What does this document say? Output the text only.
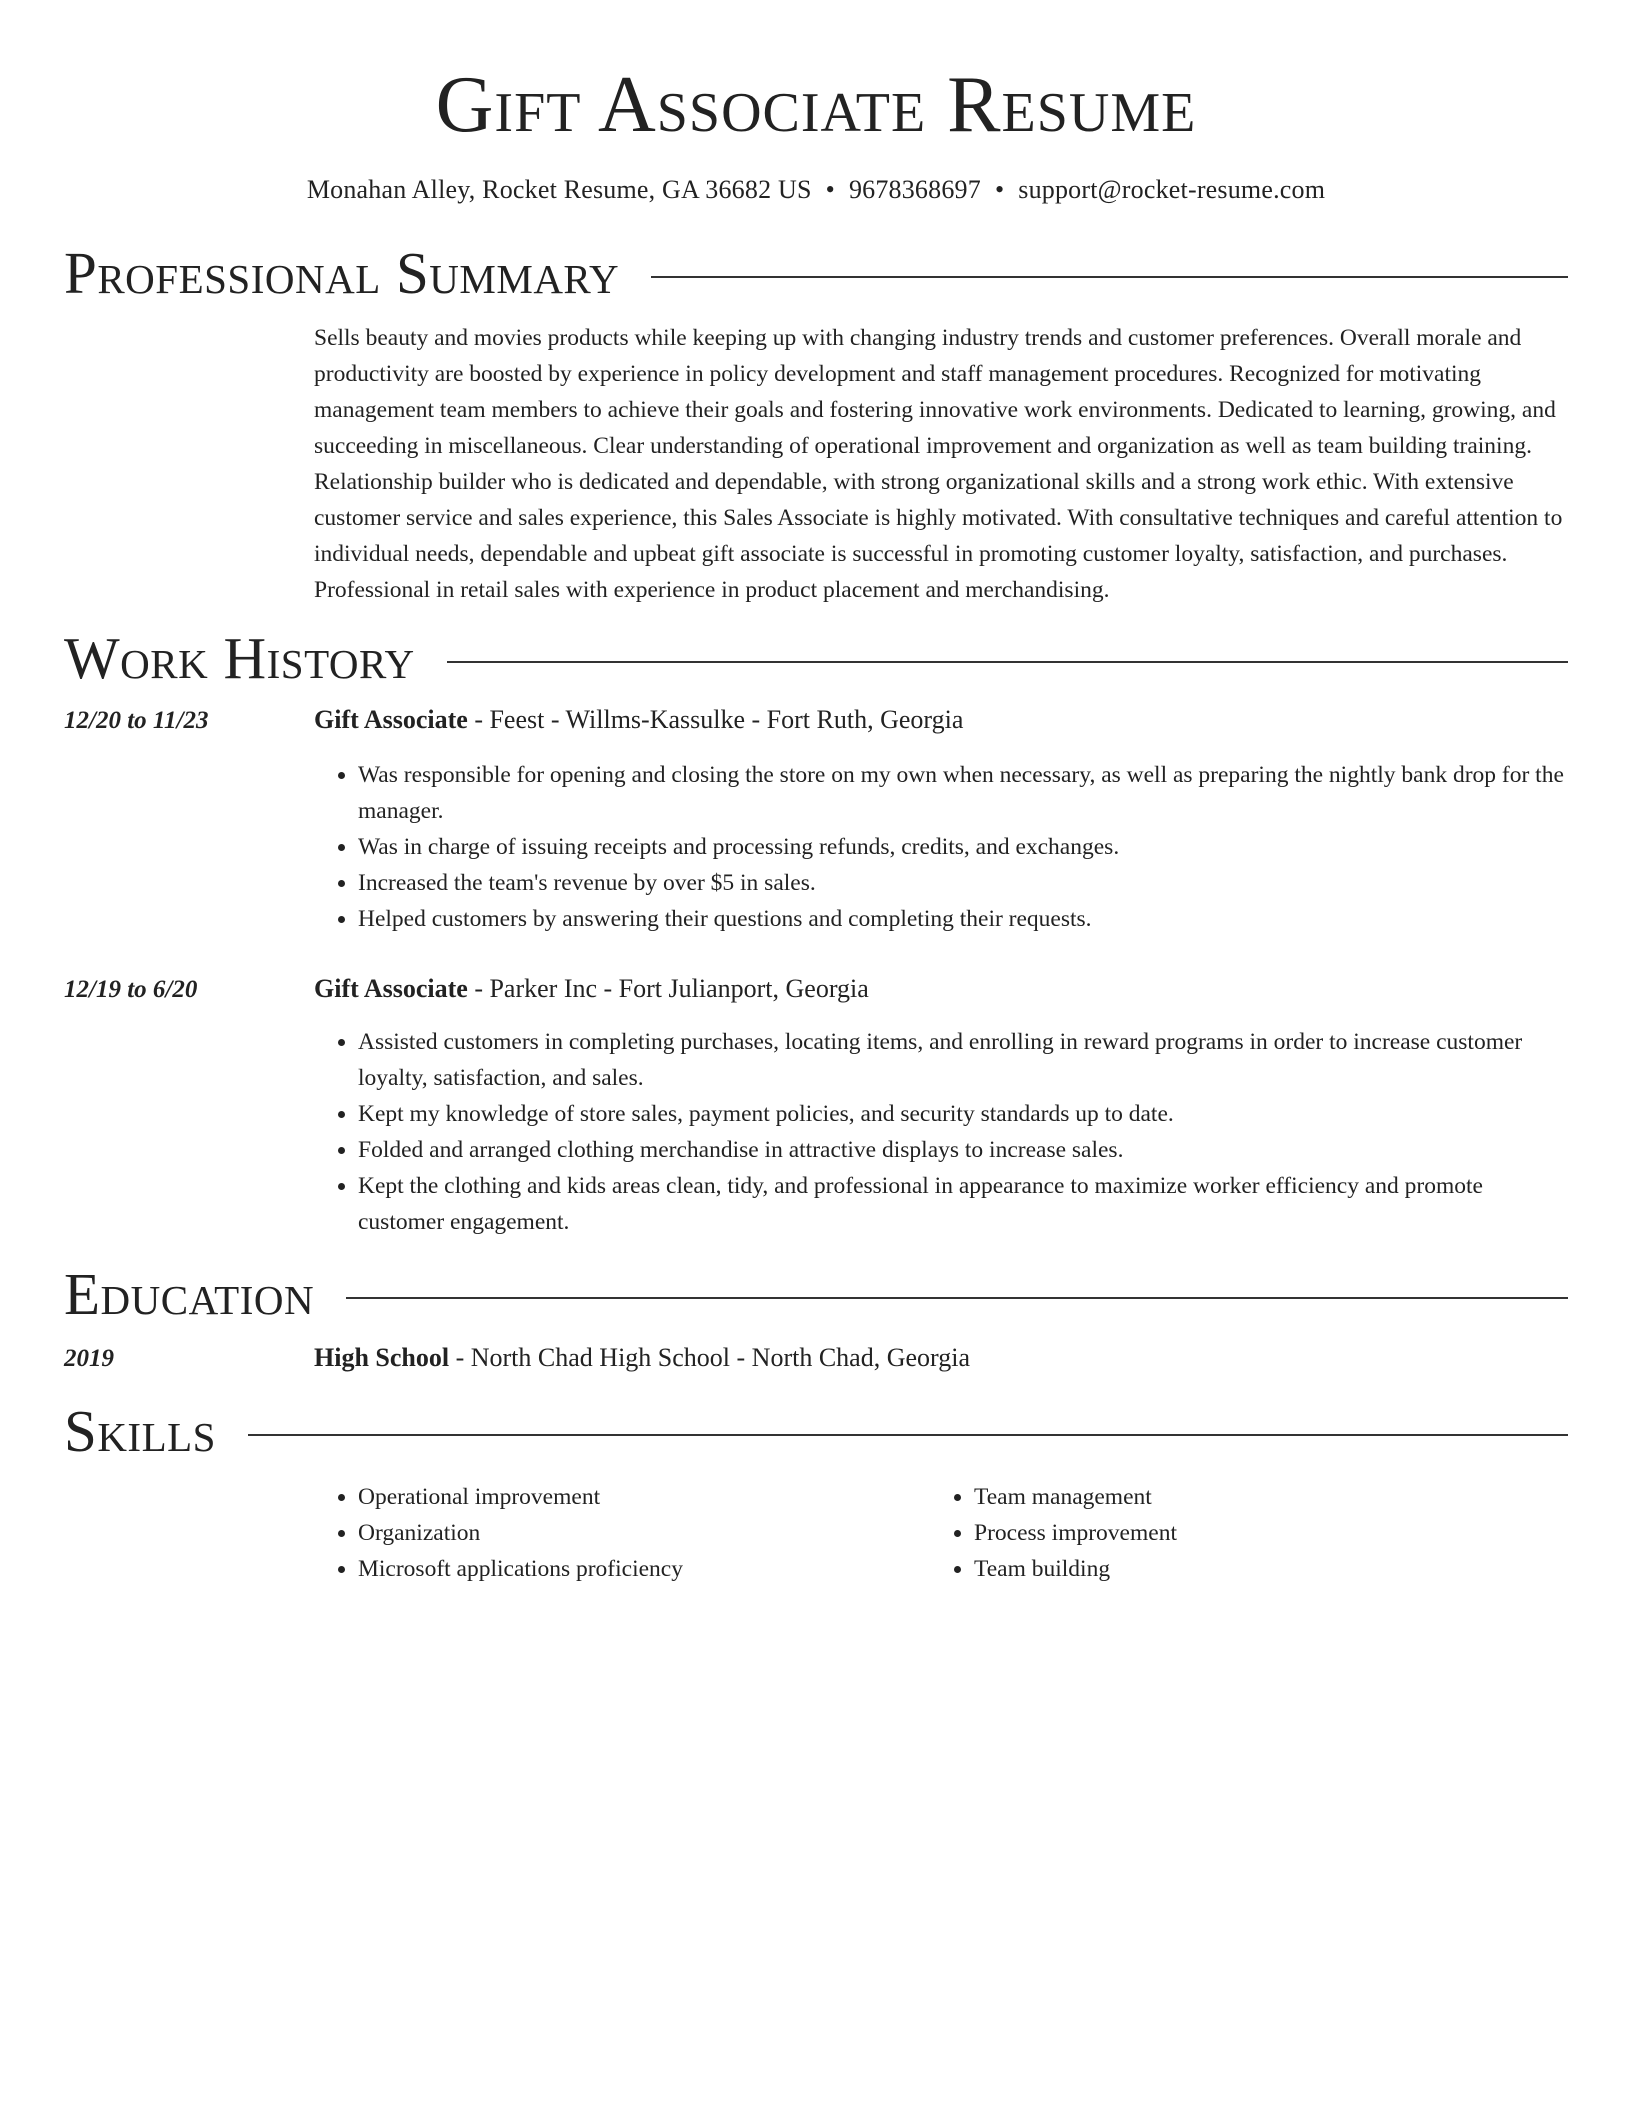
Gift Associate Resume
Monahan Alley, Rocket Resume, GA 36682 US • 9678368697 • support@rocket-resume.com
Professional Summary

Sells beauty and movies products while keeping up with changing industry trends and customer preferences. Overall morale and productivity are boosted by experience in policy development and staff management procedures. Recognized for motivating management team members to achieve their goals and fostering innovative work environments. Dedicated to learning, growing, and succeeding in miscellaneous. Clear understanding of operational improvement and organization as well as team building training. Relationship builder who is dedicated and dependable, with strong organizational skills and a strong work ethic. With extensive customer service and sales experience, this Sales Associate is highly motivated. With consultative techniques and careful attention to individual needs, dependable and upbeat gift associate is successful in promoting customer loyalty, satisfaction, and purchases. Professional in retail sales with experience in product placement and merchandising.

Work History
12/20 to 11/23	Gift Associate - Feest - Willms-Kassulke - Fort Ruth, Georgia
• Was responsible for opening and closing the store on my own when necessary, as well as preparing the nightly bank drop for the manager.
• Was in charge of issuing receipts and processing refunds, credits, and exchanges.
• Increased the team's revenue by over $5 in sales.
• Helped customers by answering their questions and completing their requests.
12/19 to 6/20	Gift Associate - Parker Inc - Fort Julianport, Georgia
• Assisted customers in completing purchases, locating items, and enrolling in reward programs in order to increase customer loyalty, satisfaction, and sales.
• Kept my knowledge of store sales, payment policies, and security standards up to date.
• Folded and arranged clothing merchandise in attractive displays to increase sales.
• Kept the clothing and kids areas clean, tidy, and professional in appearance to maximize worker efficiency and promote customer engagement.
Education
2019	High School - North Chad High School - North Chad, Georgia
Skills
• Operational improvement
• Organization
• Microsoft applications proficiency
• Team management
• Process improvement
• Team building
